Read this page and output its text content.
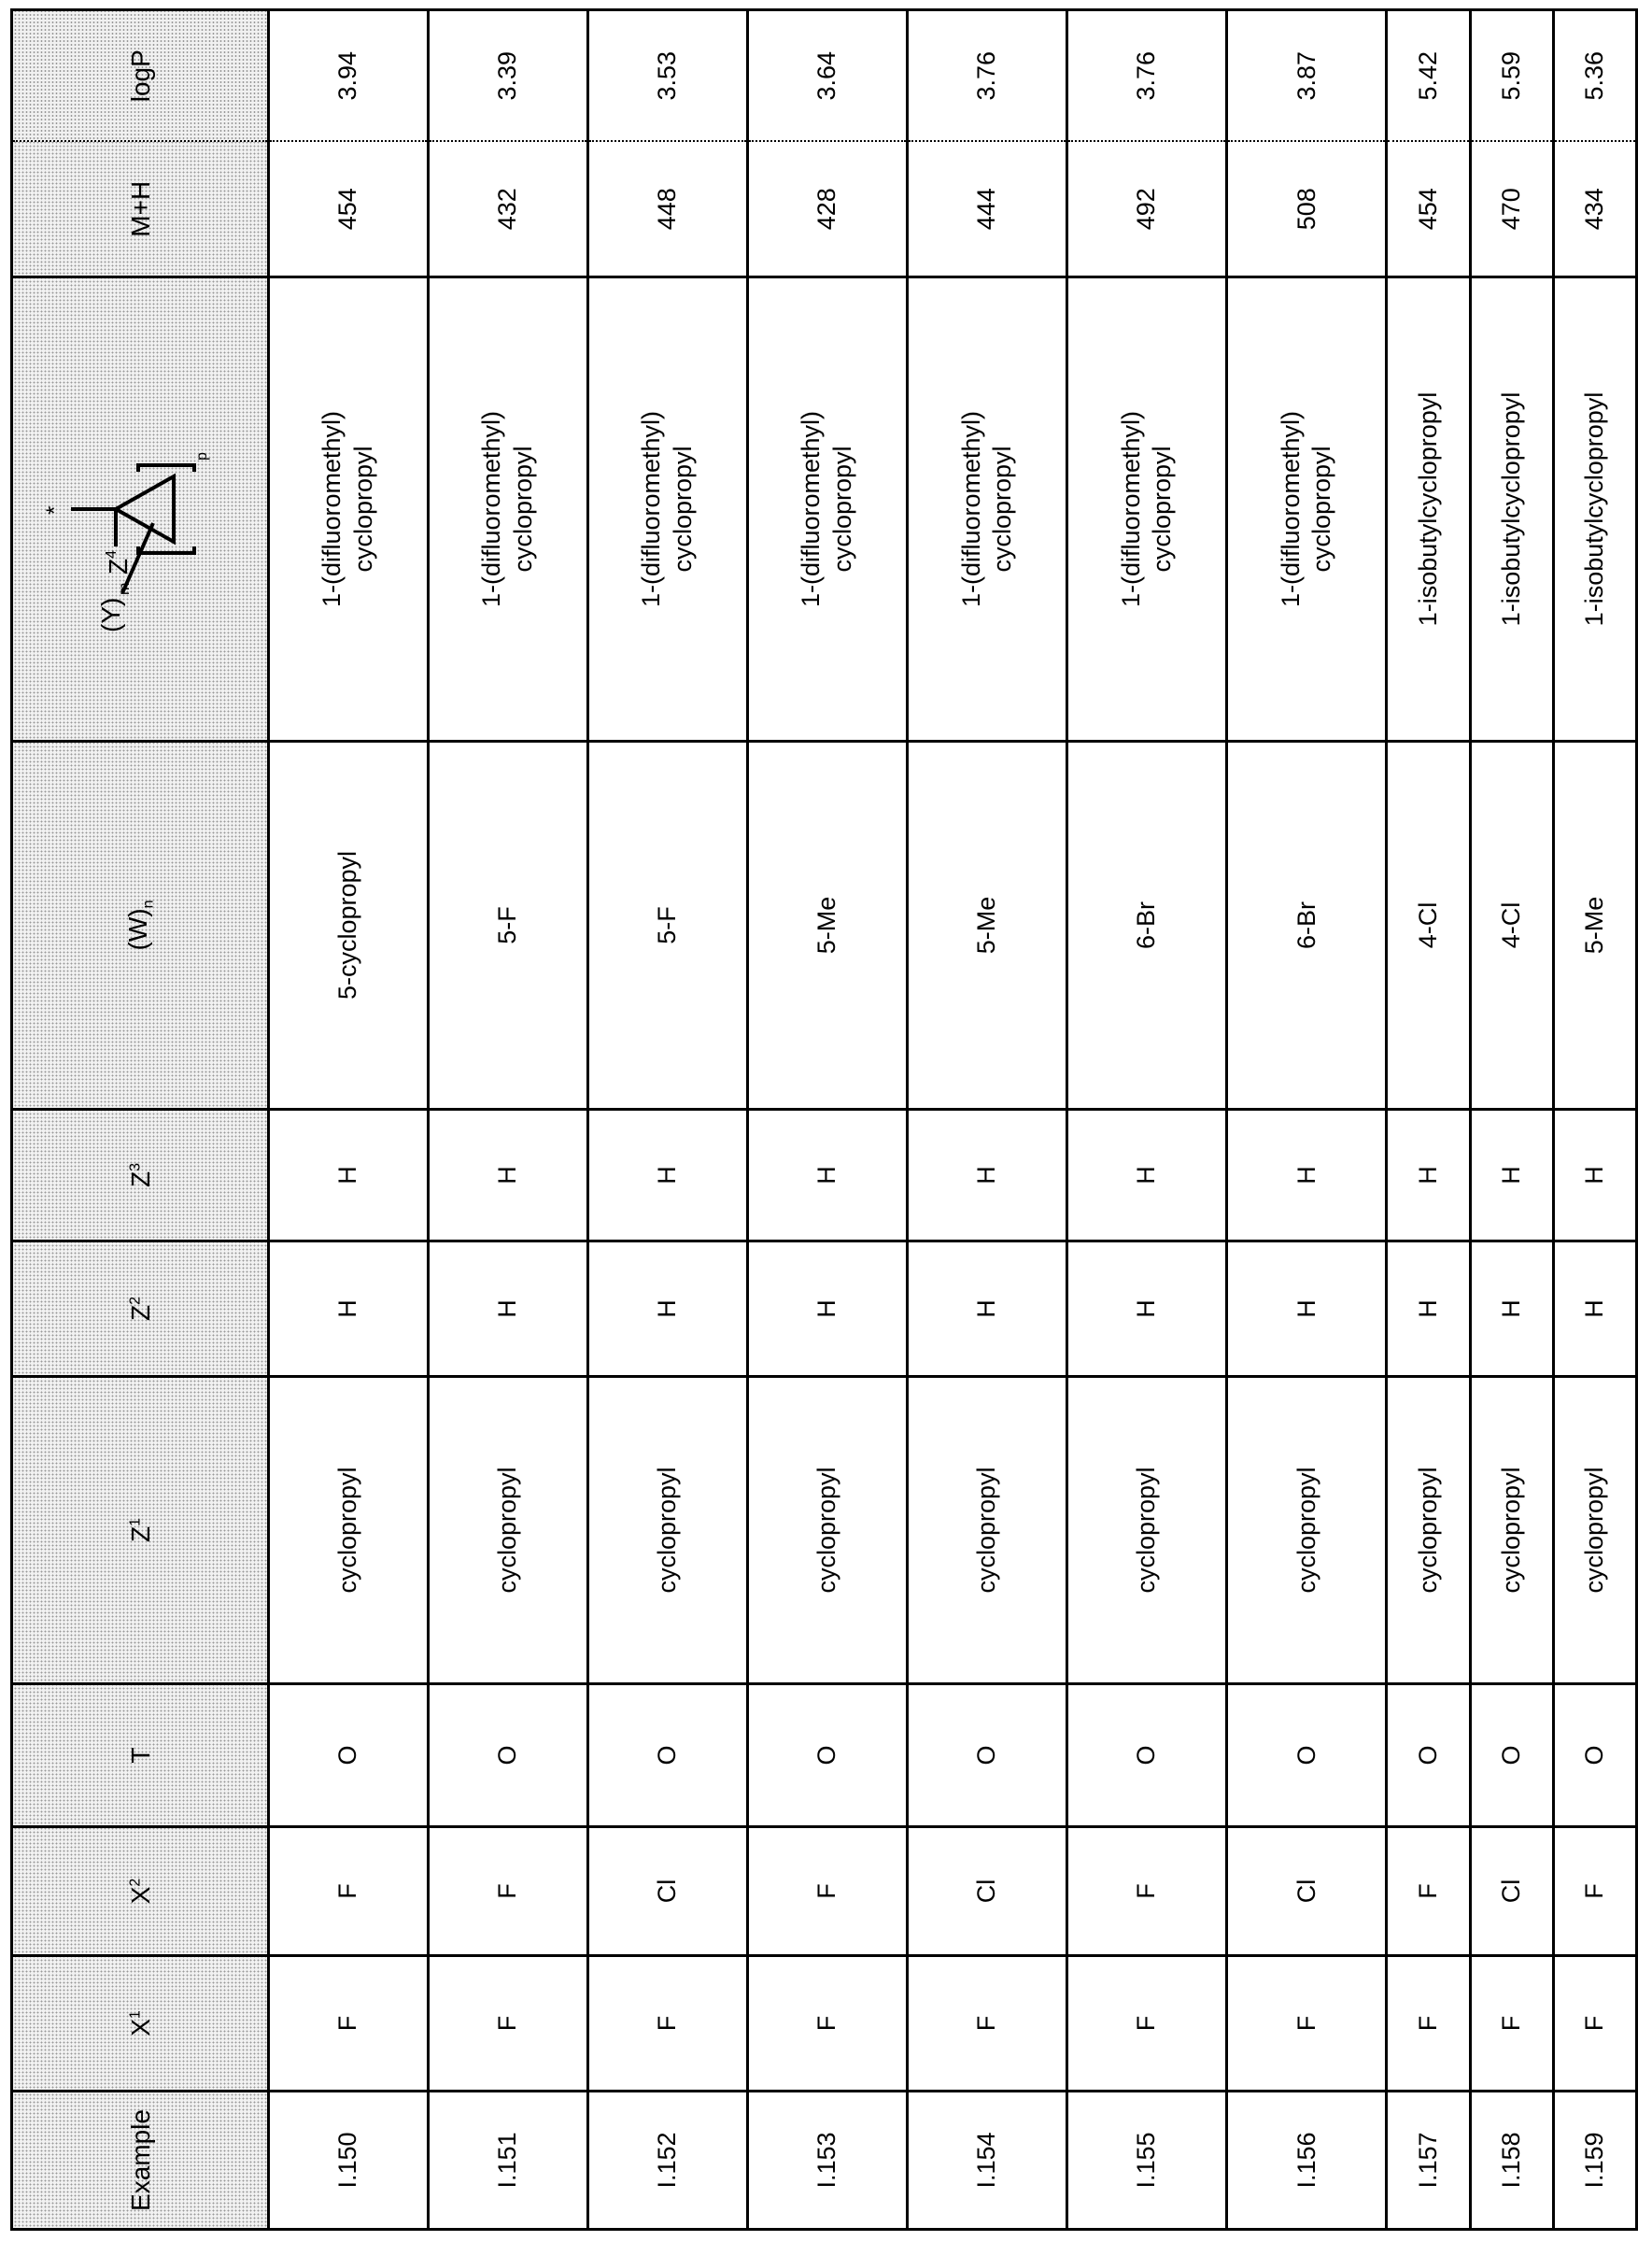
Example	X1	X2	T	Z1	Z2	Z3	(W)n	
(Y)
m
p
Z4
*
	M+H	logP
I.150	F	F	O	cyclopropyl	H	H	5-cyclopropyl	
1-(difluoromethyl) cyclopropyl
	454	3.94
I.151	F	F	O	cyclopropyl	H	H	5-F	
1-(difluoromethyl) cyclopropyl
	432	3.39
I.152	F	Cl	O	cyclopropyl	H	H	5-F	
1-(difluoromethyl) cyclopropyl
	448	3.53
I.153	F	F	O	cyclopropyl	H	H	5-Me	
1-(difluoromethyl) cyclopropyl
	428	3.64
I.154	F	Cl	O	cyclopropyl	H	H	5-Me	
1-(difluoromethyl) cyclopropyl
	444	3.76
I.155	F	F	O	cyclopropyl	H	H	6-Br	
1-(difluoromethyl) cyclopropyl
	492	3.76
I.156	F	Cl	O	cyclopropyl	H	H	6-Br	
1-(difluoromethyl) cyclopropyl
	508	3.87
I.157	F	F	O	cyclopropyl	H	H	4-Cl	
1-isobutylcyclopropyl
	454	5.42
I.158	F	Cl	O	cyclopropyl	H	H	4-Cl	
1-isobutylcyclopropyl
	470	5.59
I.159	F	F	O	cyclopropyl	H	H	5-Me	
1-isobutylcyclopropyl
	434	5.36
